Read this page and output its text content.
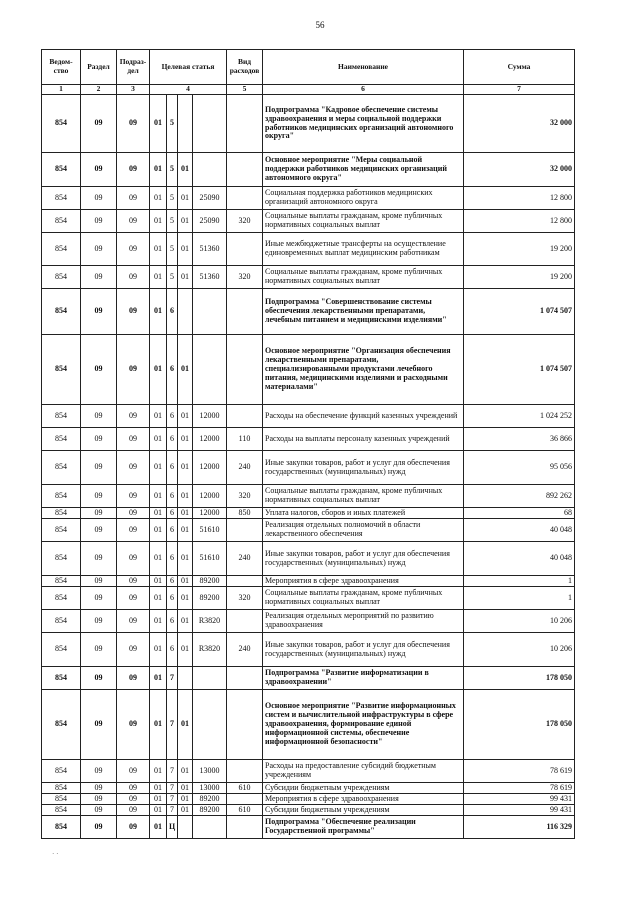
56
Ведом-ство	Раздел	Подраз-дел	Целевая статья				Вид расходов	Наименование	Сумма
1	2	3	4				5	6	7
854	09	09	01	5				Подпрограмма "Кадровое обеспечение системы здравоохранения и меры социальной поддержки работников медицинских организаций автономного округа"	32 000
854	09	09	01	5	01			Основное мероприятие "Меры социальной поддержки работников медицинских организаций автономного округа"	32 000
854	09	09	01	5	01	25090		Социальная поддержка работников медицинских организаций автономного округа	12 800
854	09	09	01	5	01	25090	320	Социальные выплаты гражданам, кроме публичных нормативных социальных выплат	12 800
854	09	09	01	5	01	51360		Иные межбюджетные трансферты на осуществление единовременных выплат медицинским работникам	19 200
854	09	09	01	5	01	51360	320	Социальные выплаты гражданам, кроме публичных нормативных социальных выплат	19 200
854	09	09	01	6				Подпрограмма "Совершенствование системы обеспечения лекарственными препаратами, лечебным питанием и медицинскими изделиями"	1 074 507
854	09	09	01	6	01			Основное мероприятие "Организация обеспечения лекарственными препаратами, специализированными продуктами лечебного питания, медицинскими изделиями и расходными материалами"	1 074 507
854	09	09	01	6	01	12000		Расходы на обеспечение функций казенных учреждений	1 024 252
854	09	09	01	6	01	12000	110	Расходы на выплаты персоналу казенных учреждений	36 866
854	09	09	01	6	01	12000	240	Иные закупки товаров, работ и услуг для обеспечения государственных (муниципальных) нужд	95 056
854	09	09	01	6	01	12000	320	Социальные выплаты гражданам, кроме публичных нормативных социальных выплат	892 262
854	09	09	01	6	01	12000	850	Уплата налогов, сборов и иных платежей	68
854	09	09	01	6	01	51610		Реализация отдельных полномочий в области лекарственного обеспечения	40 048
854	09	09	01	6	01	51610	240	Иные закупки товаров, работ и услуг для обеспечения государственных (муниципальных) нужд	40 048
854	09	09	01	6	01	89200		Мероприятия в сфере здравоохранения	1
854	09	09	01	6	01	89200	320	Социальные выплаты гражданам, кроме публичных нормативных социальных выплат	1
854	09	09	01	6	01	R3820		Реализация отдельных мероприятий по развитию здравоохранения	10 206
854	09	09	01	6	01	R3820	240	Иные закупки товаров, работ и услуг для обеспечения государственных (муниципальных) нужд	10 206
854	09	09	01	7				Подпрограмма "Развитие информатизации в здравоохранении"	178 050
854	09	09	01	7	01			Основное мероприятие "Развитие информационных систем и вычислительной инфраструктуры в сфере здравоохранения, формирование единой информационной системы, обеспечение информационной безопасности"	178 050
854	09	09	01	7	01	13000		Расходы на предоставление субсидий бюджетным учреждениям	78 619
854	09	09	01	7	01	13000	610	Субсидии бюджетным учреждениям	78 619
854	09	09	01	7	01	89200		Мероприятия в сфере здравоохранения	99 431
854	09	09	01	7	01	89200	610	Субсидии бюджетным учреждениям	99 431
854	09	09	01	Ц				Подпрограмма "Обеспечение реализации Государственной программы"	116 329
· ·
